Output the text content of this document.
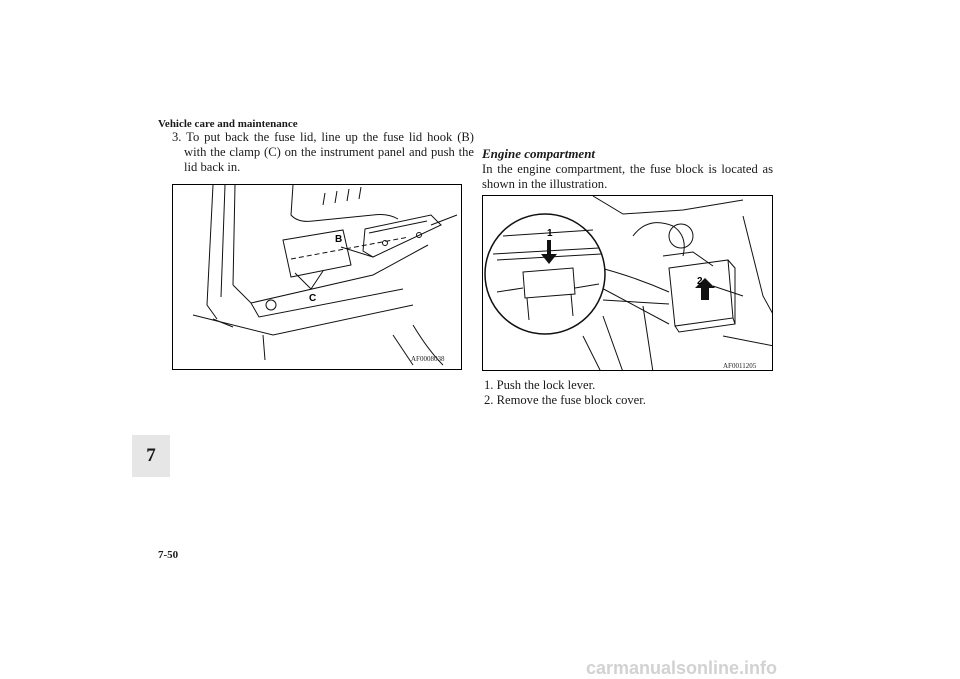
Vehicle care and maintenance
3. To put back the fuse lid, line up the fuse lid hook (B) with the clamp (C) on the instrument panel and push the lid back in.
B
C
AF0008038
Engine compartment
In the engine compartment, the fuse block is located as shown in the illustration.
1
2
AF0011205
1. Push the lock lever.
2. Remove the fuse block cover.
7
7-50
carmanualsonline.info
